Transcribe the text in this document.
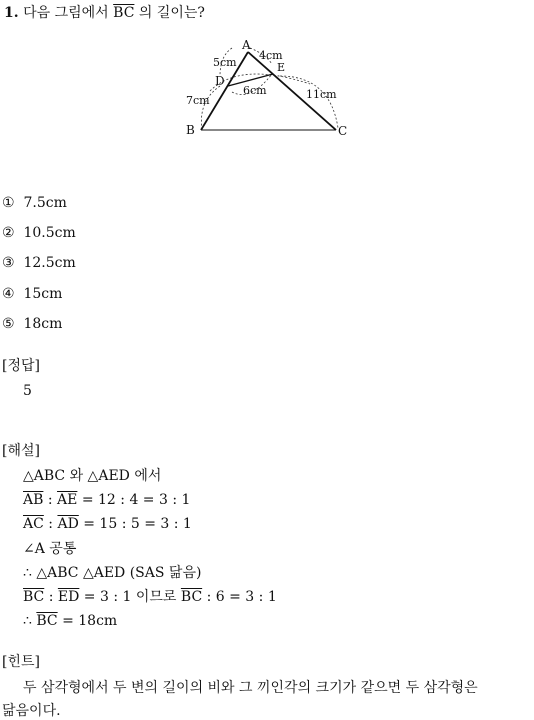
1. 다음 그림에서 $\overline{BC}$ 의 길이는?
A
B	C
D
E
5cm
4cm
7cm
6cm	11cm
① 7.5cm
② 10.5cm
③ 12.5cm
④ 15cm
⑤ 18cm
[정답]
5
[해설]
△ABC 와 △AED 에서
$\overline{AB}$ : $\overline{AE} = 12$ : 4 = 3 : 1
$\overline{AC}$ : $\overline{AD} = 15$ : 5 = 3 : 1
∠A 공통
∴ △ABC △AED (SAS 닮음)
$\overline{BC}$ : $\overline{ED} = 3$ : 1 이므로 $\overline{BC}$ : 6 = 3 : 1
∴ $\overline{BC} = 18cm$
[힌트]
두 삼각형에서 두 변의 길이의 비와 그 끼인각의 크기가 같으면 두 삼각형은
닮음이다.
